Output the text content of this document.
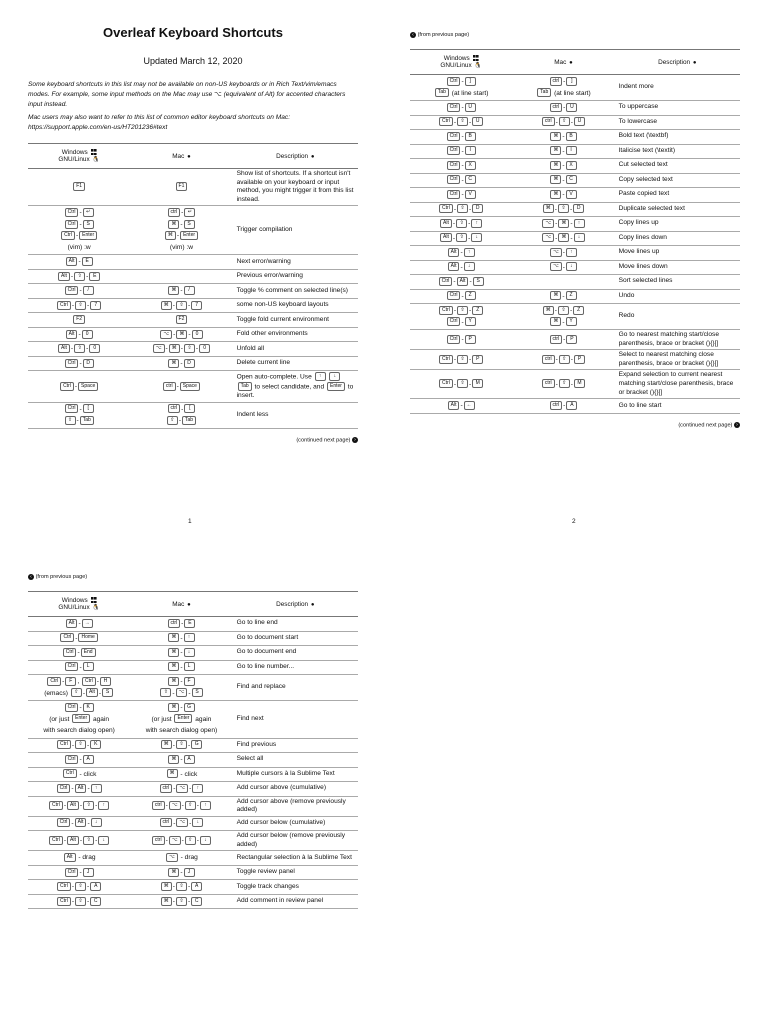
Overleaf Keyboard Shortcuts
Updated March 12, 2020

Some keyboard shortcuts in this list may not be available on non-US keyboards or in Rich Text/vim/emacs modes. For example, some input methods on the Mac may use ⌥ (equivalent of Alt) for accented characters input instead.

Mac users may also want to refer to this list of common editor keyboard shortcuts on Mac: https://support.apple.com/en-us/HT201236#text

Windows
GNU/Linux 🐧	Mac ●	Description ●
F1	F1	Show list of shortcuts. If a shortcut isn't available on your keyboard or input method, you might trigger it from this list instead.
Ctrl - ↵
Ctrl - S
Ctrl - Enter
(vim) :w	ctrl - ↵
⌘ - S
⌘ - Enter
(vim) :w	Trigger compilation
Alt - E		Next error/warning
Alt - ⇧ - E		Previous error/warning
Ctrl - /	⌘ - /	Toggle % comment on selected line(s)
Ctrl - ⇧ - 7	⌘ - ⇧ - 7	some non-US keyboard layouts
F2	F2	Toggle fold current environment
Alt - 0	⌥ - ⌘ - 0	Fold other environments
Alt - ⇧ - 0	⌥ - ⌘ - ⇧ - 0	Unfold all
Ctrl - D	⌘ - D	Delete current line
Ctrl - Space	ctrl - Space	Open auto-complete. Use ↑ ↓ Tab to select candidate, and Enter to insert.
Ctrl - [
⇧ - Tab	ctrl - [
⇧ - Tab	Indent less
(continued next page) ›
1
‹ (from previous page)
Windows
GNU/Linux 🐧	Mac ●	Description ●
Ctrl - ]
Tab (at line start)	ctrl - ]
Tab (at line start)	Indent more
Ctrl - U	ctrl - U	To uppercase
Ctrl - ⇧ - U	ctrl - ⇧ - U	To lowercase
Ctrl - B	⌘ - B	Bold text (\textbf)
Ctrl - I	⌘ - I	Italicise text (\textit)
Ctrl - X	⌘ - X	Cut selected text
Ctrl - C	⌘ - C	Copy selected text
Ctrl - V	⌘ - V	Paste copied text
Ctrl - ⇧ - D	⌘ - ⇧ - D	Duplicate selected text
Alt - ⇧ - ↑	⌥ - ⌘ - ↑	Copy lines up
Alt - ⇧ - ↓	⌥ - ⌘ - ↓	Copy lines down
Alt - ↑	⌥ - ↑	Move lines up
Alt - ↓	⌥ - ↓	Move lines down
Ctrl - Alt - S		Sort selected lines
Ctrl - Z	⌘ - Z	Undo
Ctrl - ⇧ - Z
Ctrl - Y	⌘ - ⇧ - Z
⌘ - Y	Redo
Ctrl - P	ctrl - P	Go to nearest matching start/close parenthesis, brace or bracket (){}[]
Ctrl - ⇧ - P	ctrl - ⇧ - P	Select to nearest matching close parenthesis, brace or bracket (){}[]
Ctrl - ⇧ - M	ctrl - ⇧ - M	Expand selection to current nearest matching start/close parenthesis, brace or bracket (){}[]
Alt - ←	ctrl - A	Go to line start
(continued next page) ›
2
‹ (from previous page)
Windows
GNU/Linux 🐧	Mac ●	Description ●
Alt - →	ctrl - E	Go to line end
Ctrl - Home	⌘ - ↑	Go to document start
Ctrl - End	⌘ - ↓	Go to document end
Ctrl - L	⌘ - L	Go to line number...
Ctrl - F , Ctrl - H
(emacs) ⇧ - Alt - S	⌘ - F
⇧ - ⌥ - S	Find and replace
Ctrl - K
(or just Enter again
with search dialog open)	⌘ - G
(or just Enter again
with search dialog open)	Find next
Ctrl - ⇧ - K	⌘ - ⇧ - G	Find previous
Ctrl - A	⌘ - A	Select all
Ctrl - click	⌘ - click	Multiple cursors à la Sublime Text
Ctrl - Alt - ↑	ctrl - ⌥ - ↑	Add cursor above (cumulative)
Ctrl - Alt - ⇧ - ↑	ctrl - ⌥ - ⇧ - ↑	Add cursor above (remove previously added)
Ctrl - Alt - ↓	ctrl - ⌥ - ↓	Add cursor below (cumulative)
Ctrl - Alt - ⇧ - ↓	ctrl - ⌥ - ⇧ - ↓	Add cursor below (remove previously added)
Alt - drag	⌥ - drag	Rectangular selection à la Sublime Text
Ctrl - J	⌘ - J	Toggle review panel
Ctrl - ⇧ - A	⌘ - ⇧ - A	Toggle track changes
Ctrl - ⇧ - C	⌘ - ⇧ - C	Add comment in review panel
